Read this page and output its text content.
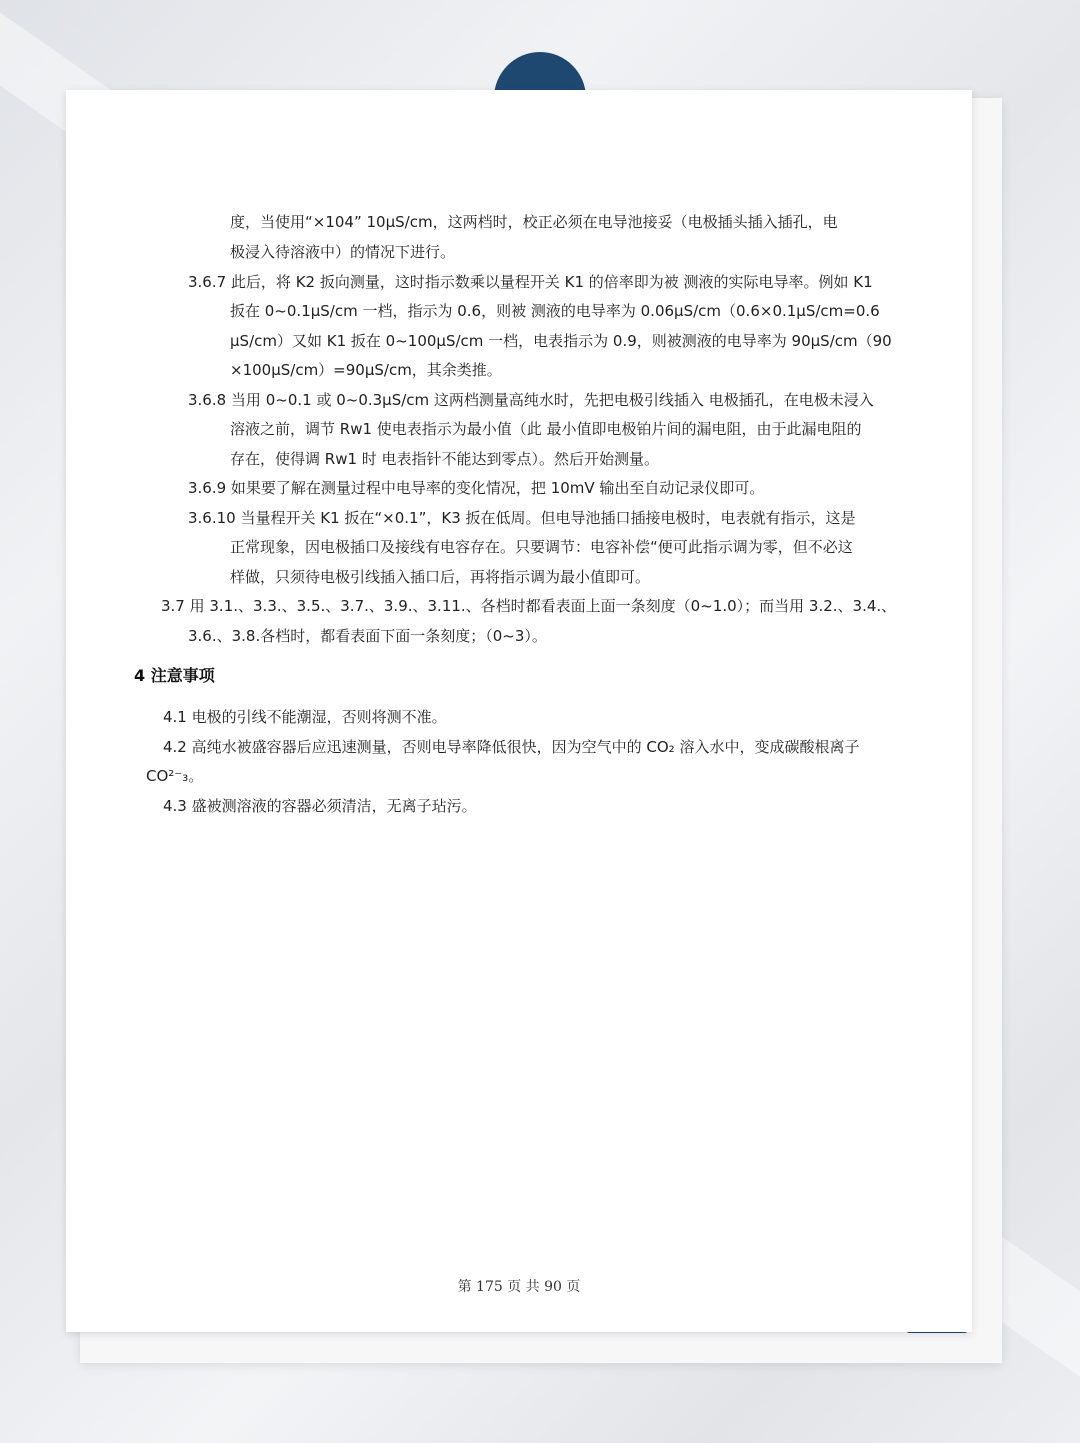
度，当使用“×104” 10μS/cm，这两档时，校正必须在电导池接妥（电极插头插入插孔，电
极浸入待溶液中）的情况下进行。
3.6.7 此后，将 K2 扳向测量，这时指示数乘以量程开关 K1 的倍率即为被 测液的实际电导率。例如 K1
扳在 0~0.1μS/cm 一档，指示为 0.6，则被 测液的电导率为 0.06μS/cm（0.6×0.1μS/cm=0.6
μS/cm）又如 K1 扳在 0~100μS/cm 一档，电表指示为 0.9，则被测液的电导率为 90μS/cm（90
×100μS/cm）=90μS/cm，其余类推。
3.6.8 当用 0~0.1 或 0~0.3μS/cm 这两档测量高纯水时，先把电极引线插入 电极插孔，在电极未浸入
溶液之前，调节 Rw1 使电表指示为最小值（此 最小值即电极铂片间的漏电阻，由于此漏电阻的
存在，使得调 Rw1 时 电表指针不能达到零点）。然后开始测量。
3.6.9 如果要了解在测量过程中电导率的变化情况，把 10mV 输出至自动记录仪即可。
3.6.10 当量程开关 K1 扳在“×0.1”，K3 扳在低周。但电导池插口插接电极时，电表就有指示，这是
正常现象，因电极插口及接线有电容存在。只要调节：电容补偿“便可此指示调为零，但不必这
样做，只须待电极引线插入插口后，再将指示调为最小值即可。
3.7 用 3.1.、3.3.、3.5.、3.7.、3.9.、3.11.、各档时都看表面上面一条刻度（0~1.0）；而当用 3.2.、3.4.、
3.6.、3.8.各档时，都看表面下面一条刻度；（0~3）。
4 注意事项
4.1 电极的引线不能潮湿，否则将测不准。
4.2 高纯水被盛容器后应迅速测量，否则电导率降低很快，因为空气中的 CO₂ 溶入水中，变成碳酸根离子
CO²⁻₃。
4.3 盛被测溶液的容器必须清洁，无离子玷污。
第 175 页 共 90 页
